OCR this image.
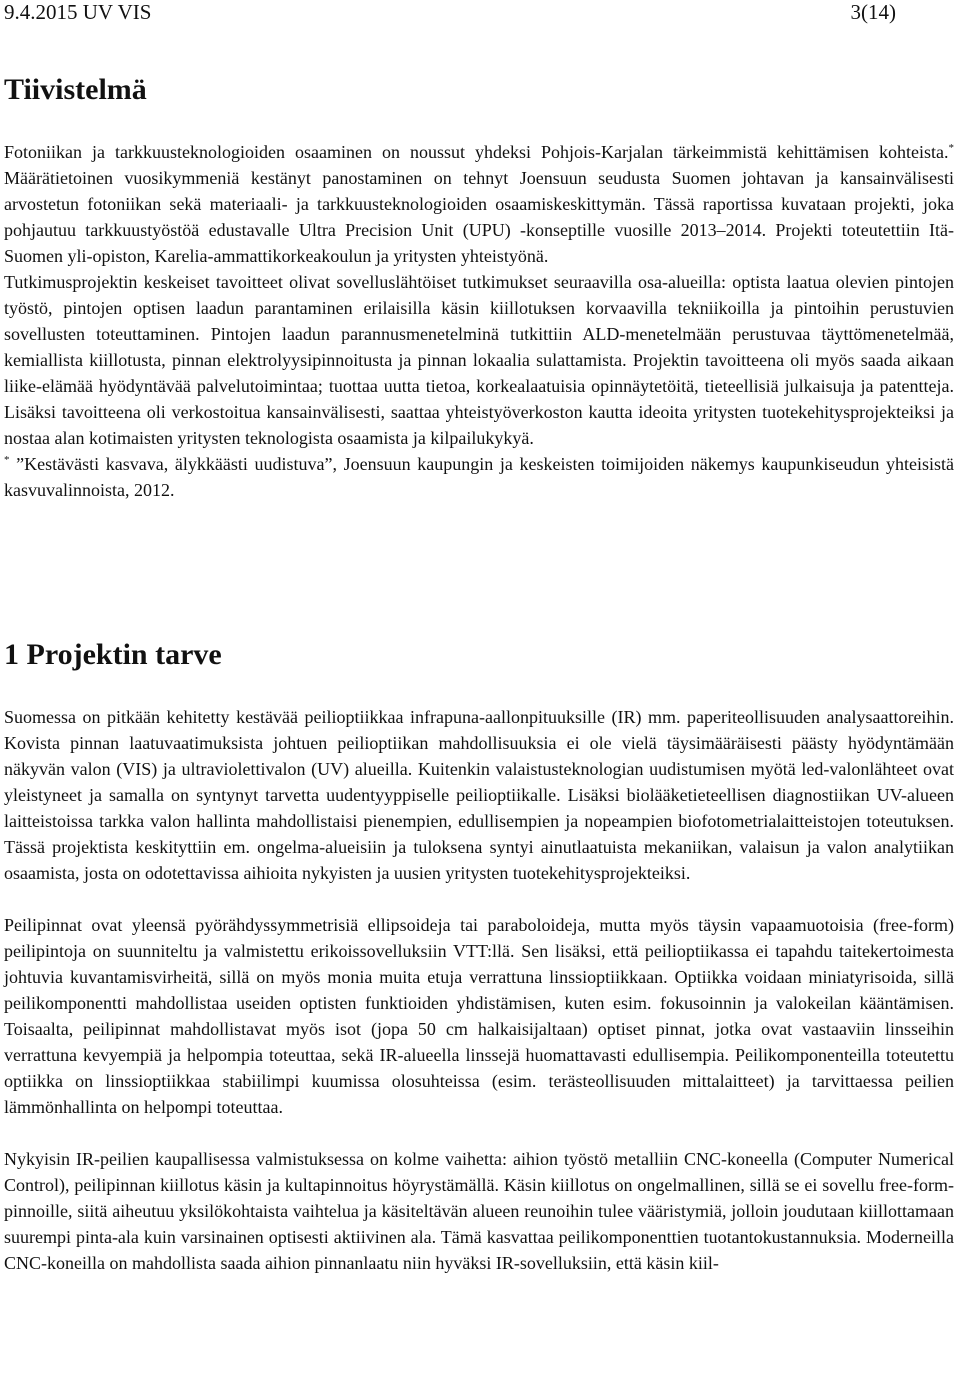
9.4.2015 UV VIS	3(14)
Tiivistelmä

Fotoniikan ja tarkkuusteknologioiden osaaminen on noussut yhdeksi Pohjois-Karjalan tärkeimmistä kehittämisen kohteista.* Määrätietoinen vuosikymmeniä kestänyt panostaminen on tehnyt Joensuun seudusta Suomen johtavan ja kansainvälisesti arvostetun fotoniikan sekä materiaali- ja tarkkuusteknologioiden osaamiskeskittymän. Tässä raportissa kuvataan projekti, joka pohjautuu tarkkuustyöstöä edustavalle Ultra Precision Unit (UPU) -konseptille vuosille 2013–2014. Projekti toteutettiin Itä-Suomen yli-opiston, Karelia-ammattikorkeakoulun ja yritysten yhteistyönä.

Tutkimusprojektin keskeiset tavoitteet olivat sovelluslähtöiset tutkimukset seuraavilla osa-alueilla: optista laatua olevien pintojen työstö, pintojen optisen laadun parantaminen erilaisilla käsin kiillotuksen korvaavilla tekniikoilla ja pintoihin perustuvien sovellusten toteuttaminen. Pintojen laadun parannusmenetelminä tutkittiin ALD-menetelmään perustuvaa täyttömenetelmää, kemiallista kiillotusta, pinnan elektrolyysipinnoitusta ja pinnan lokaalia sulattamista. Projektin tavoitteena oli myös saada aikaan liike-elämää hyödyntävää palvelutoimintaa; tuottaa uutta tietoa, korkealaatuisia opinnäytetöitä, tieteellisiä julkaisuja ja patentteja. Lisäksi tavoitteena oli verkostoitua kansainvälisesti, saattaa yhteistyöverkoston kautta ideoita yritysten tuotekehitysprojekteiksi ja nostaa alan kotimaisten yritysten teknologista osaamista ja kilpailukykyä.

* ”Kestävästi kasvava, älykkäästi uudistuva”, Joensuun kaupungin ja keskeisten toimijoiden näkemys kaupunkiseudun yhteisistä kasvuvalinnoista, 2012.

1 Projektin tarve

Suomessa on pitkään kehitetty kestävää peilioptiikkaa infrapuna-aallonpituuksille (IR) mm. paperiteollisuuden analysaattoreihin. Kovista pinnan laatuvaatimuksista johtuen peilioptiikan mahdollisuuksia ei ole vielä täysimääräisesti päästy hyödyntämään näkyvän valon (VIS) ja ultraviolettivalon (UV) alueilla. Kuitenkin valaistusteknologian uudistumisen myötä led-valonlähteet ovat yleistyneet ja samalla on syntynyt tarvetta uudentyyppiselle peilioptiikalle. Lisäksi biolääketieteellisen diagnostiikan UV-alueen laitteistoissa tarkka valon hallinta mahdollistaisi pienempien, edullisempien ja nopeampien biofotometrialaitteistojen toteutuksen. Tässä projektista keskityttiin em. ongelma-alueisiin ja tuloksena syntyi ainutlaatuista mekaniikan, valaisun ja valon analytiikan osaamista, josta on odotettavissa aihioita nykyisten ja uusien yritysten tuotekehitysprojekteiksi.

Peilipinnat ovat yleensä pyörähdyssymmetrisiä ellipsoideja tai paraboloideja, mutta myös täysin vapaamuotoisia (free-form) peilipintoja on suunniteltu ja valmistettu erikoissovelluksiin VTT:llä. Sen lisäksi, että peilioptiikassa ei tapahdu taitekertoimesta johtuvia kuvantamisvirheitä, sillä on myös monia muita etuja verrattuna linssioptiikkaan. Optiikka voidaan miniatyrisoida, sillä peilikomponentti mahdollistaa useiden optisten funktioiden yhdistämisen, kuten esim. fokusoinnin ja valokeilan kääntämisen. Toisaalta, peilipinnat mahdollistavat myös isot (jopa 50 cm halkaisijaltaan) optiset pinnat, jotka ovat vastaaviin linsseihin verrattuna kevyempiä ja helpompia toteuttaa, sekä IR-alueella linssejä huomattavasti edullisempia. Peilikomponenteilla toteutettu optiikka on linssioptiikkaa stabiilimpi kuumissa olosuhteissa (esim. terästeollisuuden mittalaitteet) ja tarvittaessa peilien lämmönhallinta on helpompi toteuttaa.

Nykyisin IR-peilien kaupallisessa valmistuksessa on kolme vaihetta: aihion työstö metalliin CNC-koneella (Computer Numerical Control), peilipinnan kiillotus käsin ja kultapinnoitus höyrystämällä. Käsin kiillotus on ongelmallinen, sillä se ei sovellu free-form-pinnoille, siitä aiheutuu yksilökohtaista vaihtelua ja käsiteltävän alueen reunoihin tulee vääristymiä, jolloin joudutaan kiillottamaan suurempi pinta-ala kuin varsinainen optisesti aktiivinen ala. Tämä kasvattaa peilikomponenttien tuotantokustannuksia. Moderneilla CNC-koneilla on mahdollista saada aihion pinnanlaatu niin hyväksi IR-sovelluksiin, että käsin kiil-
